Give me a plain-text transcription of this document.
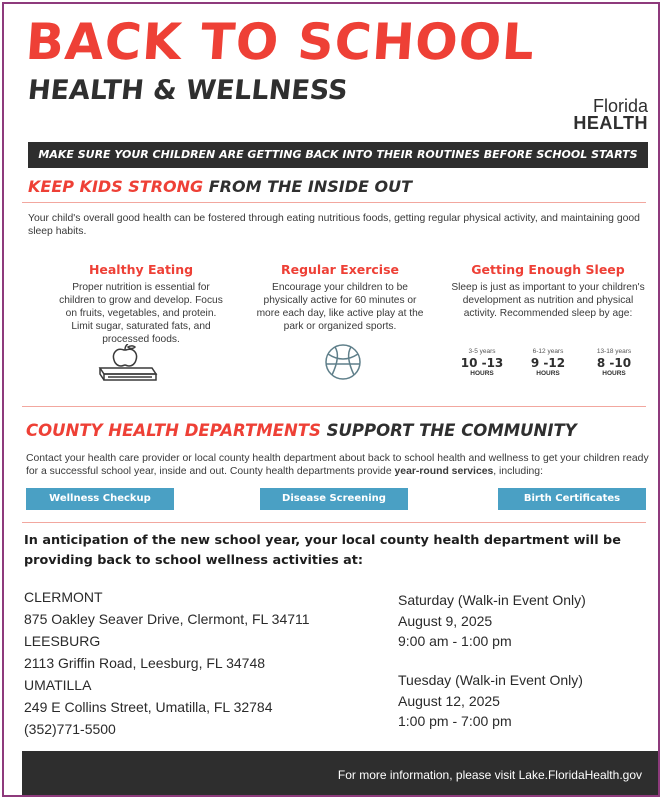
BACK TO SCHOOL
HEALTH & WELLNESS	Florida
HEALTH
MAKE SURE YOUR CHILDREN ARE GETTING BACK INTO THEIR ROUTINES BEFORE SCHOOL STARTS
KEEP KIDS STRONG FROM THE INSIDE OUT
Your child's overall good health can be fostered through eating nutritious foods, getting regular physical activity, and maintaining good sleep habits.
Healthy Eating

Proper nutrition is essential for children to grow and develop. Focus on fruits, vegetables, and protein. Limit sugar, saturated fats, and processed foods.

Regular Exercise

Encourage your children to be physically active for 60 minutes or more each day, like active play at the park or organized sports.

Getting Enough Sleep

Sleep is just as important to your children's development as nutrition and physical activity. Recommended sleep by age:

3-5 years
10 -13
HOURS
6-12 years
9 -12
HOURS
13-18 years
8 -10
HOURS
COUNTY HEALTH DEPARTMENTS SUPPORT THE COMMUNITY
Contact your health care provider or local county health department about back to school health and wellness to get your children ready for a successful school year, inside and out. County health departments provide year-round services, including:
Wellness Checkup	Disease Screening	Birth Certificates
In anticipation of the new school year, your local county health department will be providing back to school wellness activities at:
CLERMONT
875 Oakley Seaver Drive, Clermont, FL 34711
LEESBURG
2113 Griffin Road, Leesburg, FL 34748
UMATILLA
249 E Collins Street, Umatilla, FL 32784
(352)771-5500
Saturday (Walk-in Event Only)
August 9, 2025
9:00 am - 1:00 pm
Tuesday (Walk-in Event Only)
August 12, 2025
1:00 pm - 7:00 pm
For more information, please visit Lake.FloridaHealth.gov
